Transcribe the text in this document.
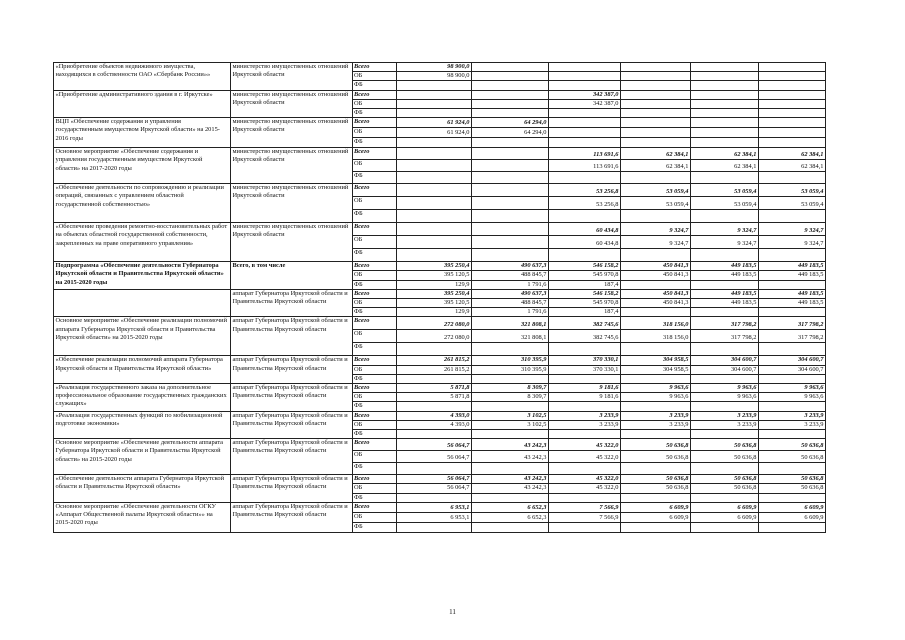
«Приобретение объектов недвижимого имущества, находящихся в собственности ОАО «Сбербанк России»»	министерство имущественных отношений Иркутской области	Всего	98 900,0					
		ОБ	98 900,0					
		ФБ						
«Приобретение административного здания в г. Иркутске»	министерство имущественных отношений Иркутской области	Всего			342 387,0			
		ОБ			342 387,0			
		ФБ						
ВЦП «Обеспечение содержания и управления государственным имуществом Иркутской области» на 2015-2016 годы	министерство имущественных отношений Иркутской области	Всего	61 924,0	64 294,0				
		ОБ	61 924,0	64 294,0				
		ФБ						
Основное мероприятие «Обеспечение содержания и управления государственным имуществом Иркутской области» на 2017-2020 годы	министерство имущественных отношений Иркутской области	Всего			113 691,6	62 384,1	62 384,1	62 384,1
		ОБ			113 691,6	62 384,1	62 384,1	62 384,1
		ФБ						
«Обеспечение деятельности по сопровождению и реализации операций, связанных с управлением областной государственной собственностью»	министерство имущественных отношений Иркутской области	Всего			53 256,8	53 059,4	53 059,4	53 059,4
		ОБ			53 256,8	53 059,4	53 059,4	53 059,4
		ФБ						
«Обеспечение проведения ремонтно-восстановительных работ на объектах областной государственной собственности, закрепленных на праве оперативного управления»	министерство имущественных отношений Иркутской области	Всего			60 434,8	9 324,7	9 324,7	9 324,7
		ОБ			60 434,8	9 324,7	9 324,7	9 324,7
		ФБ						
Подпрограмма «Обеспечение деятельности Губернатора Иркутской области и Правительства Иркутской области» на 2015-2020 годы	Всего, в том числе	Всего	395 250,4	490 637,3	546 158,2	450 841,3	449 183,5	449 183,5
		ОБ	395 120,5	488 845,7	545 970,8	450 841,3	449 183,5	449 183,5
		ФБ	129,9	1 791,6	187,4			
	аппарат Губернатора Иркутской области и Правительства Иркутской области	Всего	395 250,4	490 637,3	546 158,2	450 841,3	449 183,5	449 183,5
		ОБ	395 120,5	488 845,7	545 970,8	450 841,3	449 183,5	449 183,5
		ФБ	129,9	1 791,6	187,4			
Основное мероприятие «Обеспечение реализации полномочий аппарата Губернатора Иркутской области и Правительства Иркутской области» на 2015-2020 годы	аппарат Губернатора Иркутской области и Правительства Иркутской области	Всего	272 080,0	321 808,1	382 745,6	318 156,0	317 798,2	317 798,2
		ОБ	272 080,0	321 808,1	382 745,6	318 156,0	317 798,2	317 798,2
		ФБ						
«Обеспечение реализации полномочий аппарата Губернатора Иркутской области и Правительства Иркутской области»	аппарат Губернатора Иркутской области и Правительства Иркутской области	Всего	261 815,2	310 395,9	370 330,1	304 958,5	304 600,7	304 600,7
		ОБ	261 815,2	310 395,9	370 330,1	304 958,5	304 600,7	304 600,7
		ФБ						
«Реализация государственного заказа на дополнительное профессиональное образование государственных гражданских служащих»	аппарат Губернатора Иркутской области и Правительства Иркутской области	Всего	5 871,8	8 309,7	9 181,6	9 963,6	9 963,6	9 963,6
		ОБ	5 871,8	8 309,7	9 181,6	9 963,6	9 963,6	9 963,6
		ФБ						
«Реализация государственных функций по мобилизационной подготовке экономики»	аппарат Губернатора Иркутской области и Правительства Иркутской области	Всего	4 393,0	3 102,5	3 233,9	3 233,9	3 233,9	3 233,9
		ОБ	4 393,0	3 102,5	3 233,9	3 233,9	3 233,9	3 233,9
		ФБ						
Основное мероприятие «Обеспечение деятельности аппарата Губернатора Иркутской области и Правительства Иркутской области» на 2015-2020 годы	аппарат Губернатора Иркутской области и Правительства Иркутской области	Всего	56 064,7	43 242,3	45 322,0	50 636,8	50 636,8	50 636,8
		ОБ	56 064,7	43 242,3	45 322,0	50 636,8	50 636,8	50 636,8
		ФБ						
«Обеспечение деятельности аппарата Губернатора Иркутской области и Правительства Иркутской области»	аппарат Губернатора Иркутской области и Правительства Иркутской области	Всего	56 064,7	43 242,3	45 322,0	50 636,8	50 636,8	50 636,8
		ОБ	56 064,7	43 242,3	45 322,0	50 636,8	50 636,8	50 636,8
		ФБ						
Основное мероприятие «Обеспечение деятельности ОГКУ «Аппарат Общественной палаты Иркутской области»» на 2015-2020 годы	аппарат Губернатора Иркутской области и Правительства Иркутской области	Всего	6 953,1	6 652,3	7 566,9	6 609,9	6 609,9	6 609,9
		ОБ	6 953,1	6 652,3	7 566,9	6 609,9	6 609,9	6 609,9
		ФБ						
11
